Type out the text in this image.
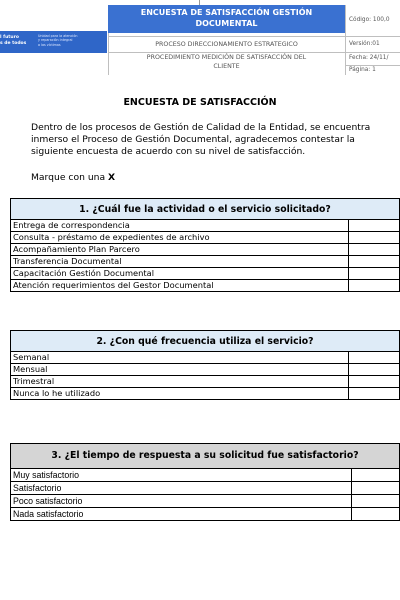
l futuro
s de todos
Unidad para la atención
y reparación integral
a las víctimas
ENCUESTA DE SATISFACCIÓN GESTIÓN
DOCUMENTAL
PROCESO DIRECCIONAMIENTO ESTRATEGICO
PROCEDIMIENTO MEDICIÓN DE SATISFACCIÓN DEL
CLIENTE
Código: 100,0
Versión:01
Fecha: 24/11/
Página: 1
ENCUESTA DE SATISFACCIÓN
Dentro de los procesos de Gestión de Calidad de la Entidad, se encuentra
inmerso el Proceso de Gestión Documental, agradecemos contestar la
siguiente encuesta de acuerdo con su nivel de satisfacción.
Marque con una X
1. ¿Cuál fue la actividad o el servicio solicitado?	
Entrega de correspondencia	
Consulta - préstamo de expedientes de archivo	
Acompañamiento Plan Parcero	
Transferencia Documental	
Capacitación Gestión Documental	
Atención requerimientos del Gestor Documental	
2. ¿Con qué frecuencia utiliza el servicio?	
Semanal	
Mensual	
Trimestral	
Nunca lo he utilizado	
3. ¿El tiempo de respuesta a su solicitud fue satisfactorio?	
Muy satisfactorio	
Satisfactorio	
Poco satisfactorio	
Nada satisfactorio	
